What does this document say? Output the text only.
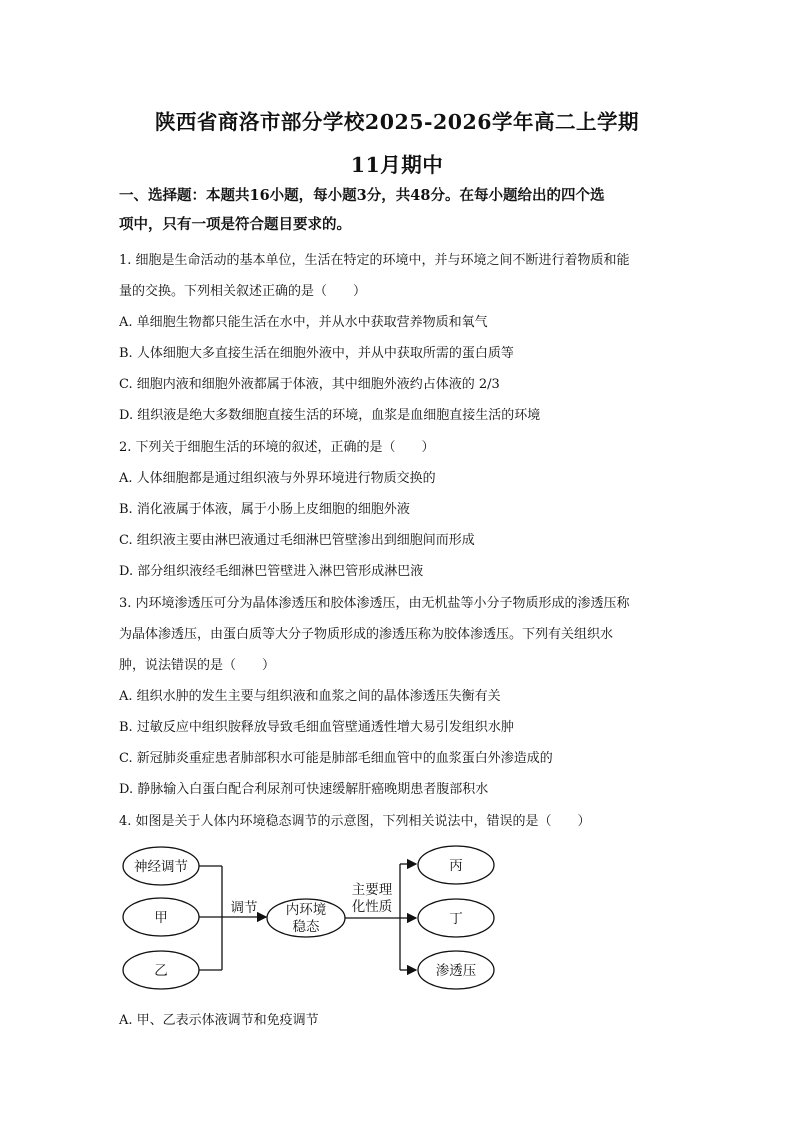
陕西省商洛市部分学校2025-2026学年高二上学期
11月期中
一、选择题：本题共16小题，每小题3分，共48分。在每小题给出的四个选
项中，只有一项是符合题目要求的。
1. 细胞是生命活动的基本单位，生活在特定的环境中，并与环境之间不断进行着物质和能
量的交换。下列相关叙述正确的是（　　）
A. 单细胞生物都只能生活在水中，并从水中获取营养物质和氧气
B. 人体细胞大多直接生活在细胞外液中，并从中获取所需的蛋白质等
C. 细胞内液和细胞外液都属于体液，其中细胞外液约占体液的 2/3
D. 组织液是绝大多数细胞直接生活的环境，血浆是血细胞直接生活的环境
2. 下列关于细胞生活的环境的叙述，正确的是（　　）
A. 人体细胞都是通过组织液与外界环境进行物质交换的
B. 消化液属于体液，属于小肠上皮细胞的细胞外液
C. 组织液主要由淋巴液通过毛细淋巴管壁渗出到细胞间而形成
D. 部分组织液经毛细淋巴管壁进入淋巴管形成淋巴液
3. 内环境渗透压可分为晶体渗透压和胶体渗透压，由无机盐等小分子物质形成的渗透压称
为晶体渗透压，由蛋白质等大分子物质形成的渗透压称为胶体渗透压。下列有关组织水
肿，说法错误的是（　　）
A. 组织水肿的发生主要与组织液和血浆之间的晶体渗透压失衡有关
B. 过敏反应中组织胺释放导致毛细血管壁通透性增大易引发组织水肿
C. 新冠肺炎重症患者肺部积水可能是肺部毛细血管中的血浆蛋白外渗造成的
D. 静脉输入白蛋白配合利尿剂可快速缓解肝癌晚期患者腹部积水
4. 如图是关于人体内环境稳态调节的示意图，下列相关说法中，错误的是（　　）
神经调节
甲
乙
调节 内环境
稳态
主要理
化性质
丙
丁
渗透压
A. 甲、乙表示体液调节和免疫调节
